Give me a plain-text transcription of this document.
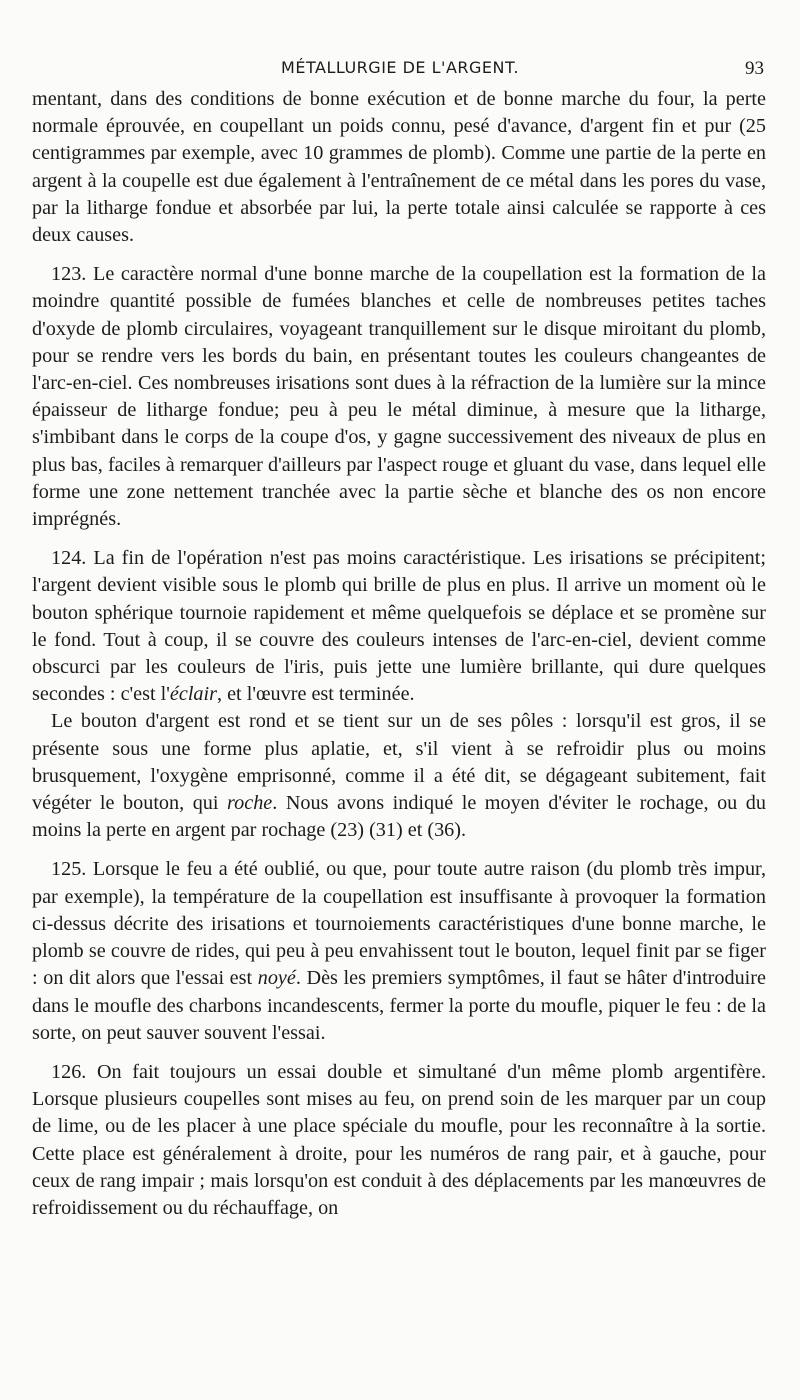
MÉTALLURGIE DE L'ARGENT.	93

mentant, dans des conditions de bonne exécution et de bonne marche du four, la perte normale éprouvée, en coupellant un poids connu, pesé d'avance, d'argent fin et pur (25 centigrammes par exemple, avec 10 grammes de plomb). Comme une partie de la perte en argent à la coupelle est due également à l'entraînement de ce métal dans les pores du vase, par la litharge fondue et absorbée par lui, la perte totale ainsi calculée se rapporte à ces deux causes.

123. Le caractère normal d'une bonne marche de la coupellation est la formation de la moindre quantité possible de fumées blanches et celle de nombreuses petites taches d'oxyde de plomb circulaires, voyageant tranquillement sur le disque miroitant du plomb, pour se rendre vers les bords du bain, en présentant toutes les couleurs changeantes de l'arc-en-ciel. Ces nombreuses irisations sont dues à la réfraction de la lumière sur la mince épaisseur de litharge fondue; peu à peu le métal diminue, à mesure que la litharge, s'imbibant dans le corps de la coupe d'os, y gagne successivement des niveaux de plus en plus bas, faciles à remarquer d'ailleurs par l'aspect rouge et gluant du vase, dans lequel elle forme une zone nettement tranchée avec la partie sèche et blanche des os non encore imprégnés.

124. La fin de l'opération n'est pas moins caractéristique. Les irisations se précipitent; l'argent devient visible sous le plomb qui brille de plus en plus. Il arrive un moment où le bouton sphérique tournoie rapidement et même quelquefois se déplace et se promène sur le fond. Tout à coup, il se couvre des couleurs intenses de l'arc-en-ciel, devient comme obscurci par les couleurs de l'iris, puis jette une lumière brillante, qui dure quelques secondes : c'est l'éclair, et l'œuvre est terminée.

Le bouton d'argent est rond et se tient sur un de ses pôles : lorsqu'il est gros, il se présente sous une forme plus aplatie, et, s'il vient à se refroidir plus ou moins brusquement, l'oxygène emprisonné, comme il a été dit, se dégageant subitement, fait végéter le bouton, qui roche. Nous avons indiqué le moyen d'éviter le rochage, ou du moins la perte en argent par rochage (23) (31) et (36).

125. Lorsque le feu a été oublié, ou que, pour toute autre raison (du plomb très impur, par exemple), la température de la coupellation est insuffisante à provoquer la formation ci-dessus décrite des irisations et tournoiements caractéristiques d'une bonne marche, le plomb se couvre de rides, qui peu à peu envahissent tout le bouton, lequel finit par se figer : on dit alors que l'essai est noyé. Dès les premiers symptômes, il faut se hâter d'introduire dans le moufle des charbons incandescents, fermer la porte du moufle, piquer le feu : de la sorte, on peut sauver souvent l'essai.

126. On fait toujours un essai double et simultané d'un même plomb argentifère. Lorsque plusieurs coupelles sont mises au feu, on prend soin de les marquer par un coup de lime, ou de les placer à une place spéciale du moufle, pour les reconnaître à la sortie. Cette place est généralement à droite, pour les numéros de rang pair, et à gauche, pour ceux de rang impair ; mais lorsqu'on est conduit à des déplacements par les manœuvres de refroidissement ou du réchauffage, on
